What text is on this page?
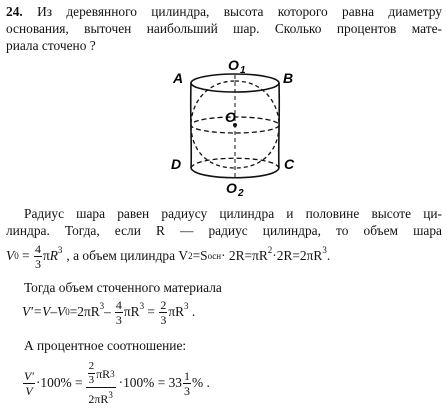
24. Из деревянного цилиндра, высота которого равна диаметру
основания, выточен наибольший шар. Сколько процентов мате-
риала сточено ?
A	B
D	C
O
O 1
O 2
Радиус шара равен радиусу цилиндра и половине высоте ци-
линдра. Тогда, если R — радиус цилиндра, то объем шара
V $0 = \frac{4}{3} \pi R^3$ , а объем цилиндра V 2 =S осн · $2R=\pi R^2 \cdot 2R=2\pi R^3$ .
Тогда объем сточенного материала
V′=V–V $0 =2\pi R^3 - \frac{4}{3} \pi R^3 = \frac{2}{3} \pi R^3$ .
А процентное соотношение:
$\frac{V'}{V} \cdot 100\% = \frac{\frac{2}{3} \pi R 3}{2\pi R^3} \cdot 100\% = 33 \frac{1}{3}$ % .
